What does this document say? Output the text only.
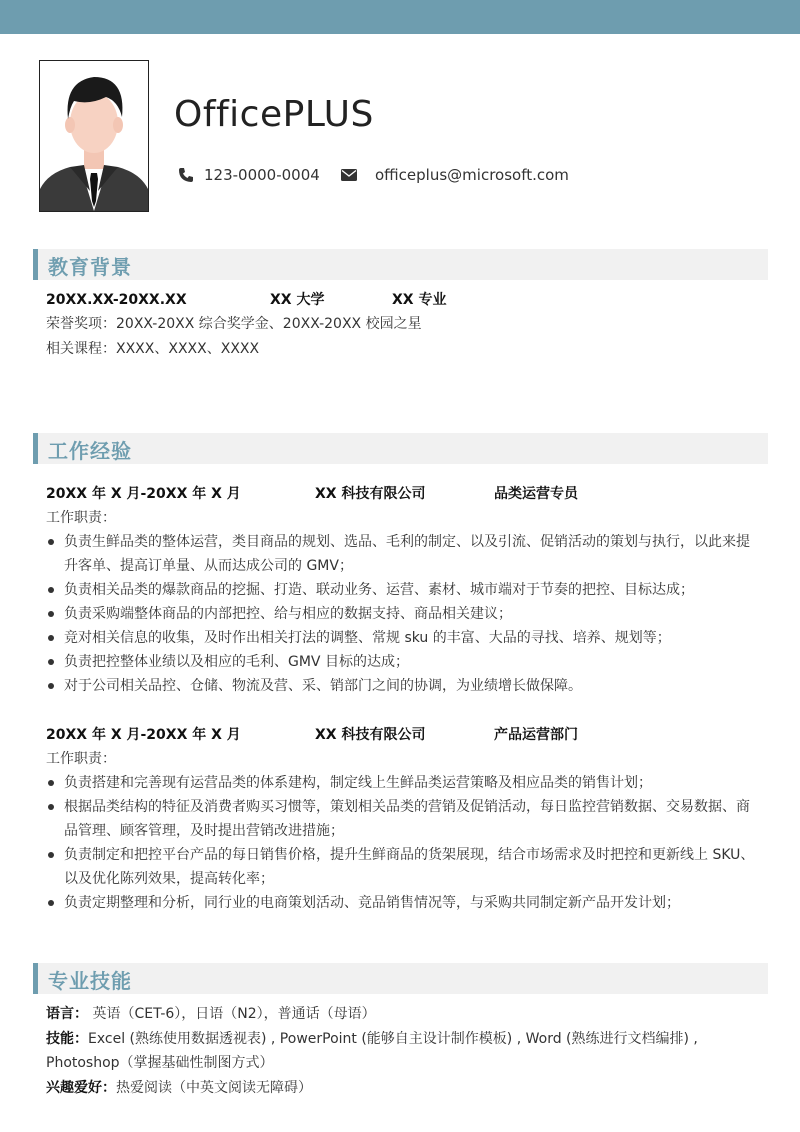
OfficePLUS
123-0000-0004	officeplus@microsoft.com
教育背景
20XX.XX-20XX.XX	XX 大学	XX 专业
荣誉奖项：20XX-20XX 综合奖学金、20XX-20XX 校园之星
相关课程：XXXX、XXXX、XXXX
工作经验
20XX 年 X 月-20XX 年 X 月	XX 科技有限公司	品类运营专员
工作职责：
负责生鲜品类的整体运营，类目商品的规划、选品、毛利的制定、以及引流、促销活动的策划与执行，以此来提升客单、提高订单量、从而达成公司的 GMV；
负责相关品类的爆款商品的挖掘、打造、联动业务、运营、素材、城市端对于节奏的把控、目标达成；
负责采购端整体商品的内部把控、给与相应的数据支持、商品相关建议；
竞对相关信息的收集，及时作出相关打法的调整、常规 sku 的丰富、大品的寻找、培养、规划等；
负责把控整体业绩以及相应的毛利、GMV 目标的达成；
对于公司相关品控、仓储、物流及营、采、销部门之间的协调，为业绩增长做保障。
20XX 年 X 月-20XX 年 X 月	XX 科技有限公司	产品运营部门
工作职责：
负责搭建和完善现有运营品类的体系建构，制定线上生鲜品类运营策略及相应品类的销售计划；
根据品类结构的特征及消费者购买习惯等，策划相关品类的营销及促销活动，每日监控营销数据、交易数据、商品管理、顾客管理，及时提出营销改进措施；
负责制定和把控平台产品的每日销售价格，提升生鲜商品的货架展现，结合市场需求及时把控和更新线上 SKU、以及优化陈列效果，提高转化率；
负责定期整理和分析，同行业的电商策划活动、竞品销售情况等，与采购共同制定新产品开发计划；
专业技能
语言： 英语（CET-6），日语（N2），普通话（母语）
技能：Excel (熟练使用数据透视表) , PowerPoint (能够自主设计制作模板) , Word (熟练进行文档编排) , Photoshop（掌握基础性制图方式）
兴趣爱好：热爱阅读（中英文阅读无障碍）
